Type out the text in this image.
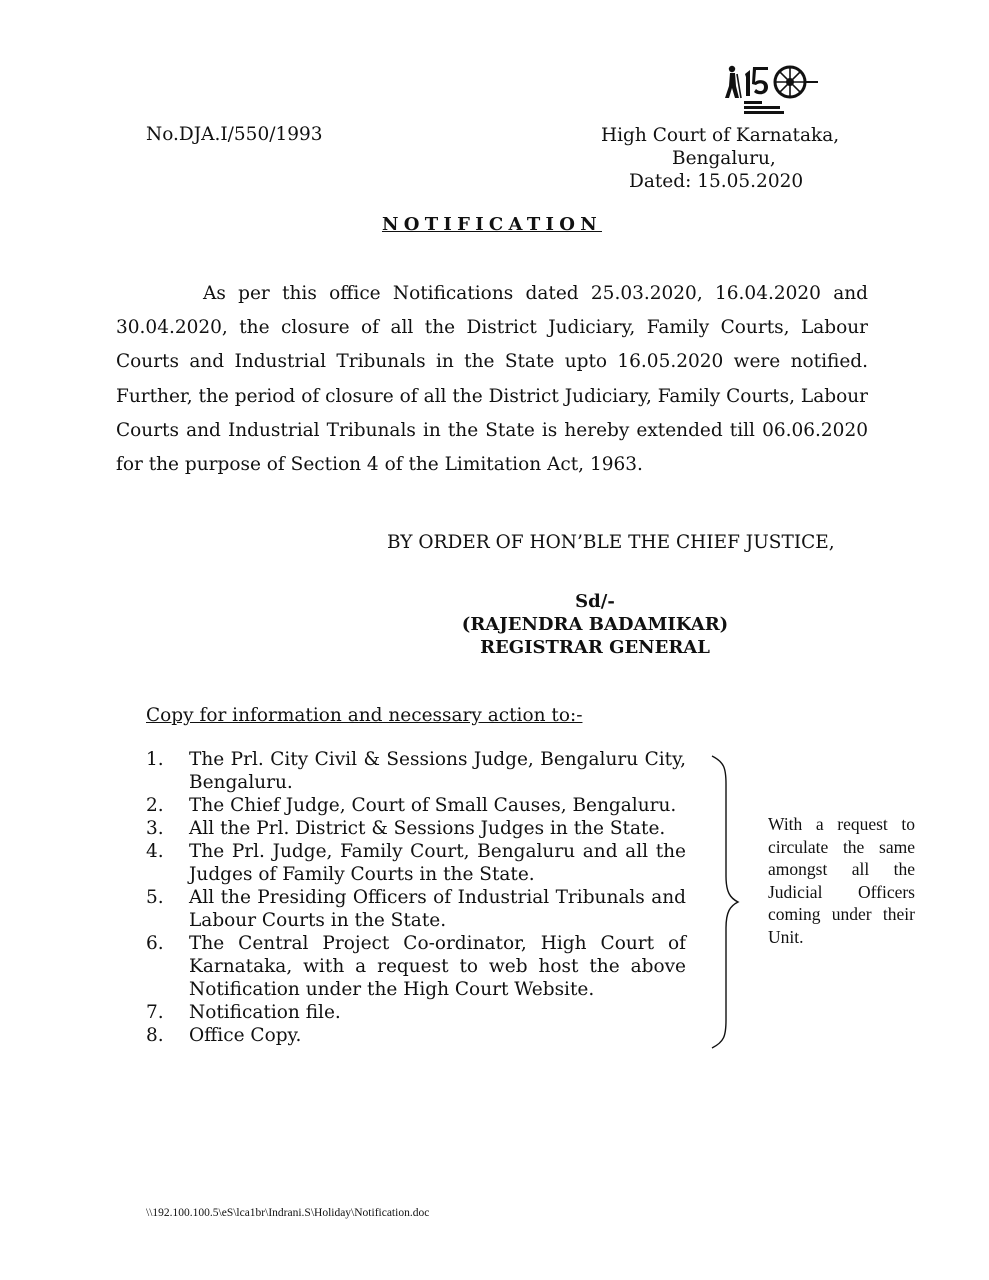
No.DJA.I/550/1993	High Court of Karnataka,
Bengaluru,
Dated: 15.05.2020
NOTIFICATION
As per this office Notifications dated 25.03.2020, 16.04.2020 and 30.04.2020, the closure of all the District Judiciary, Family Courts, Labour Courts and Industrial Tribunals in the State upto 16.05.2020 were notified. Further, the period of closure of all the District Judiciary, Family Courts, Labour Courts and Industrial Tribunals in the State is hereby extended till 06.06.2020 for the purpose of Section 4 of the Limitation Act, 1963.
BY ORDER OF HON’BLE THE CHIEF JUSTICE,
Sd/-
(RAJENDRA BADAMIKAR)
REGISTRAR GENERAL
Copy for information and necessary action to:-
1.	The Prl. City Civil & Sessions Judge, Bengaluru City, Bengaluru.
2.	The Chief Judge, Court of Small Causes, Bengaluru.
3.	All the Prl. District & Sessions Judges in the State.
4.	The Prl. Judge, Family Court, Bengaluru and all the Judges of Family Courts in the State.
5.	All the Presiding Officers of Industrial Tribunals and Labour Courts in the State.
6.	The Central Project Co-ordinator, High Court of Karnataka, with a request to web host the above Notification under the High Court Website.
7.	Notification file.
8.	Office Copy.
With a request to circulate the same amongst all the Judicial Officers coming under their Unit.
\\192.100.100.5\eS\lca1br\Indrani.S\Holiday\Notification.doc
